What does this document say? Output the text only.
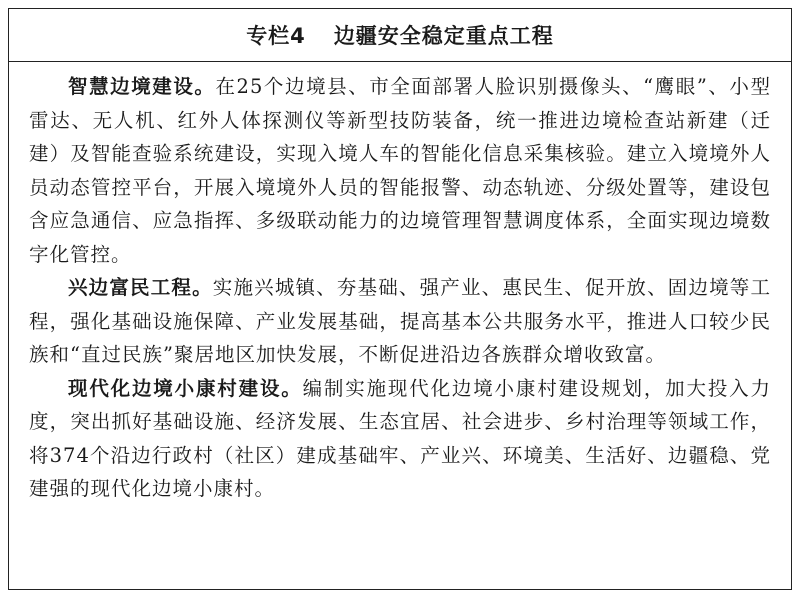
专栏4 边疆安全稳定重点工程

智慧边境建设。在25个边境县、市全面部署人脸识别摄像头、“鹰眼”、小型雷达、无人机、红外人体探测仪等新型技防装备，统一推进边境检查站新建（迁建）及智能查验系统建设，实现入境人车的智能化信息采集核验。建立入境境外人员动态管控平台，开展入境境外人员的智能报警、动态轨迹、分级处置等，建设包含应急通信、应急指挥、多级联动能力的边境管理智慧调度体系，全面实现边境数字化管控。

兴边富民工程。实施兴城镇、夯基础、强产业、惠民生、促开放、固边境等工程，强化基础设施保障、产业发展基础，提高基本公共服务水平，推进人口较少民族和“直过民族”聚居地区加快发展，不断促进沿边各族群众增收致富。

现代化边境小康村建设。编制实施现代化边境小康村建设规划，加大投入力度，突出抓好基础设施、经济发展、生态宜居、社会进步、乡村治理等领域工作，将374个沿边行政村（社区）建成基础牢、产业兴、环境美、生活好、边疆稳、党建强的现代化边境小康村。
